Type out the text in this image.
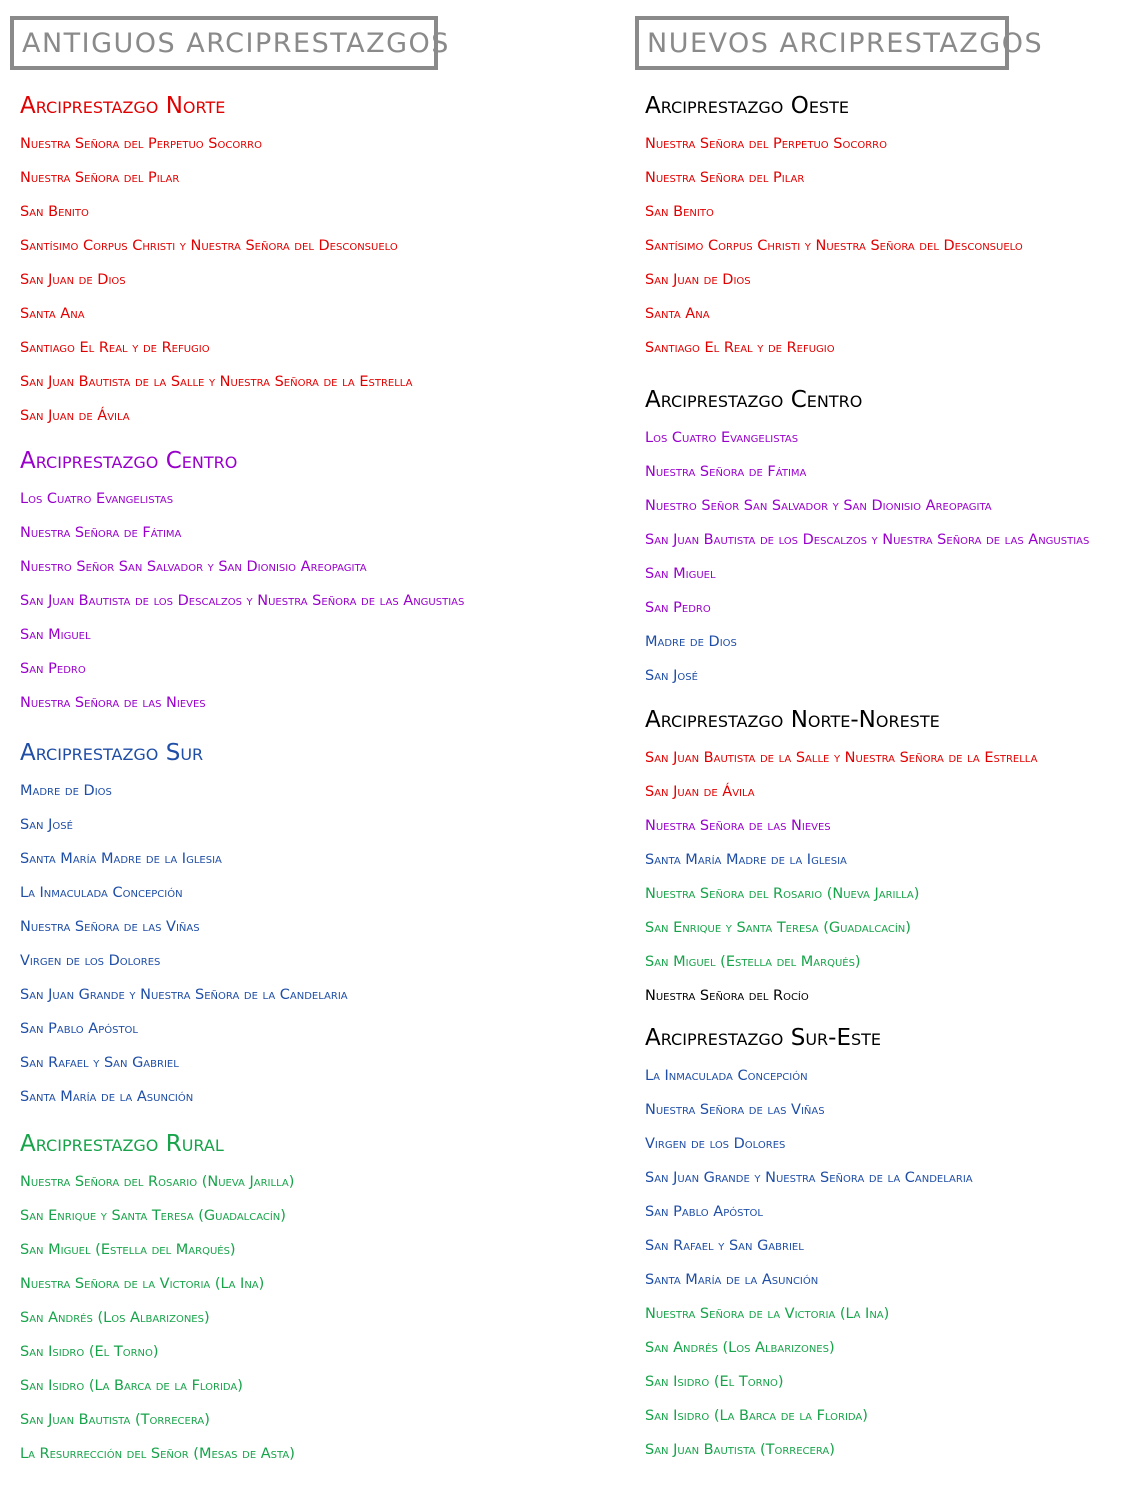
ANTIGUOS ARCIPRESTAZGOS
Arciprestazgo Norte
Nuestra Señora del Perpetuo Socorro
Nuestra Señora del Pilar
San Benito
Santísimo Corpus Christi y Nuestra Señora del Desconsuelo
San Juan de Dios
Santa Ana
Santiago El Real y de Refugio
San Juan Bautista de la Salle y Nuestra Señora de la Estrella
San Juan de Ávila
Arciprestazgo Centro
Los Cuatro Evangelistas
Nuestra Señora de Fátima
Nuestro Señor San Salvador y San Dionisio Areopagita
San Juan Bautista de los Descalzos y Nuestra Señora de las Angustias
San Miguel
San Pedro
Nuestra Señora de las Nieves
Arciprestazgo Sur
Madre de Dios
San José
Santa María Madre de la Iglesia
La Inmaculada Concepción
Nuestra Señora de las Viñas
Virgen de los Dolores
San Juan Grande y Nuestra Señora de la Candelaria
San Pablo Apóstol
San Rafael y San Gabriel
Santa María de la Asunción
Arciprestazgo Rural
Nuestra Señora del Rosario (Nueva Jarilla)
San Enrique y Santa Teresa (Guadalcacín)
San Miguel (Estella del Marqués)
Nuestra Señora de la Victoria (La Ina)
San Andrés (Los Albarizones)
San Isidro (El Torno)
San Isidro (La Barca de la Florida)
San Juan Bautista (Torrecera)
La Resurrección del Señor (Mesas de Asta)
NUEVOS ARCIPRESTAZGOS
Arciprestazgo Oeste
Nuestra Señora del Perpetuo Socorro
Nuestra Señora del Pilar
San Benito
Santísimo Corpus Christi y Nuestra Señora del Desconsuelo
San Juan de Dios
Santa Ana
Santiago El Real y de Refugio
Arciprestazgo Centro
Los Cuatro Evangelistas
Nuestra Señora de Fátima
Nuestro Señor San Salvador y San Dionisio Areopagita
San Juan Bautista de los Descalzos y Nuestra Señora de las Angustias
San Miguel
San Pedro
Madre de Dios
San José
Arciprestazgo Norte-Noreste
San Juan Bautista de la Salle y Nuestra Señora de la Estrella
San Juan de Ávila
Nuestra Señora de las Nieves
Santa María Madre de la Iglesia
Nuestra Señora del Rosario (Nueva Jarilla)
San Enrique y Santa Teresa (Guadalcacín)
San Miguel (Estella del Marqués)
Nuestra Señora del Rocío
Arciprestazgo Sur-Este
La Inmaculada Concepción
Nuestra Señora de las Viñas
Virgen de los Dolores
San Juan Grande y Nuestra Señora de la Candelaria
San Pablo Apóstol
San Rafael y San Gabriel
Santa María de la Asunción
Nuestra Señora de la Victoria (La Ina)
San Andrés (Los Albarizones)
San Isidro (El Torno)
San Isidro (La Barca de la Florida)
San Juan Bautista (Torrecera)
